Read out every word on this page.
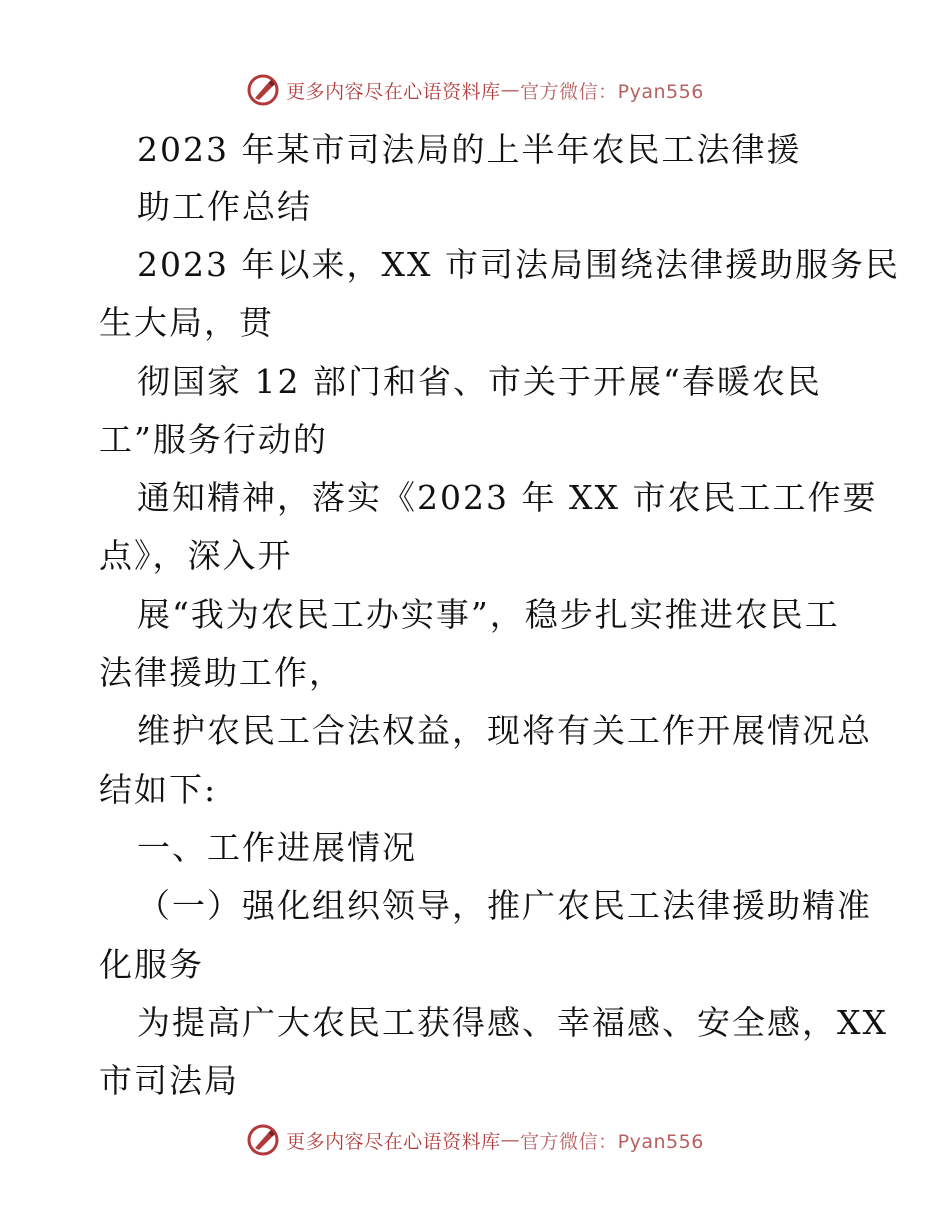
更多内容尽在心语资料库 — 官方微信：Pyan556
2023 年某市司法局的上半年农民工法律援
助工作总结
2023 年以来，XX 市司法局围绕法律援助服务民
生大局，贯
彻国家 12 部门和省、市关于开展“春暖农民
工”服务行动的
通知精神，落实《2023 年 XX 市农民工工作要
点》，深入开
展“我为农民工办实事”，稳步扎实推进农民工
法律援助工作，
维护农民工合法权益，现将有关工作开展情况总
结如下:
一、工作进展情况
（一）强化组织领导，推广农民工法律援助精准
化服务
为提高广大农民工获得感、幸福感、安全感，XX
市司法局
更多内容尽在心语资料库 — 官方微信：Pyan556
